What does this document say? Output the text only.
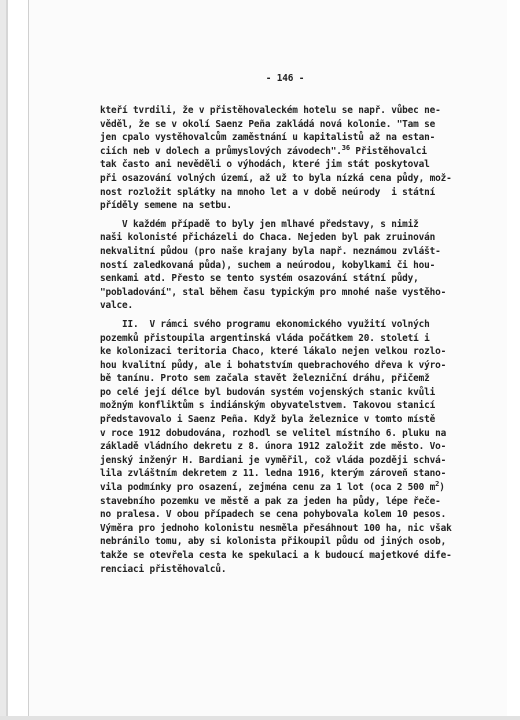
- 146 -
kteří tvrdili, že v přistěhovaleckém hotelu se např. vůbec ne-
věděl, že se v okolí Saenz Peña zakládá nová kolonie. "Tam se
jen cpalo vystěhovalcům zaměstnání u kapitalistů až na estan-
ciích neb v dolech a průmyslových závodech".$^{36}$ Přistěhovalci
tak často ani nevěděli o výhodách, které jim stát poskytoval
při osazování volných území, až už to byla nízká cena půdy, mož-
nost rozložit splátky na mnoho let a v době neúrody  i státní
příděly semene na setbu.
V každém případě to byly jen mlhavé představy, s nimiž
naši kolonisté přicházeli do Chaca. Nejeden byl pak zruinován
nekvalitní půdou (pro naše krajany byla např. neznámou zvlášt-
ností zaledkovaná půda), suchem a neúrodou, kobylkami či hou-
senkami atd. Přesto se tento systém osazování státní půdy,
"pobladování", stal během času typickým pro mnohé naše vystěho-
valce.
II.  V rámci svého programu ekonomického využití volných
pozemků přistoupila argentinská vláda počátkem 20. století i
ke kolonizaci teritoria Chaco, které lákalo nejen velkou rozlo-
hou kvalitní půdy, ale i bohatstvím quebrachového dřeva k výro-
bě tanínu. Proto sem začala stavět železniční dráhu, přičemž
po celé její délce byl budován systém vojenských stanic kvůli
možným konfliktům s indiánským obyvatelstvem. Takovou stanicí
představovalo i Saenz Peña. Když byla železnice v tomto místě
v roce 1912 dobudována, rozhodl se velitel místního 6. pluku na
základě vládního dekretu z 8. února 1912 založit zde město. Vo-
jenský inženýr H. Bardiani je vyměřil, což vláda později schvá-
lila zvláštním dekretem z 11. ledna 1916, kterým zároveň stano-
vila podmínky pro osazení, zejména cenu za 1 lot (oca 2 500 $m^2$)
stavebního pozemku ve městě a pak za jeden ha půdy, lépe řeče-
no pralesa. V obou případech se cena pohybovala kolem 10 pesos.
Výměra pro jednoho kolonistu nesměla přesáhnout 100 ha, nic však
nebránilo tomu, aby si kolonista přikoupil půdu od jiných osob,
takže se otevřela cesta ke spekulaci a k budoucí majetkové dife-
renciaci přistěhovalců.
